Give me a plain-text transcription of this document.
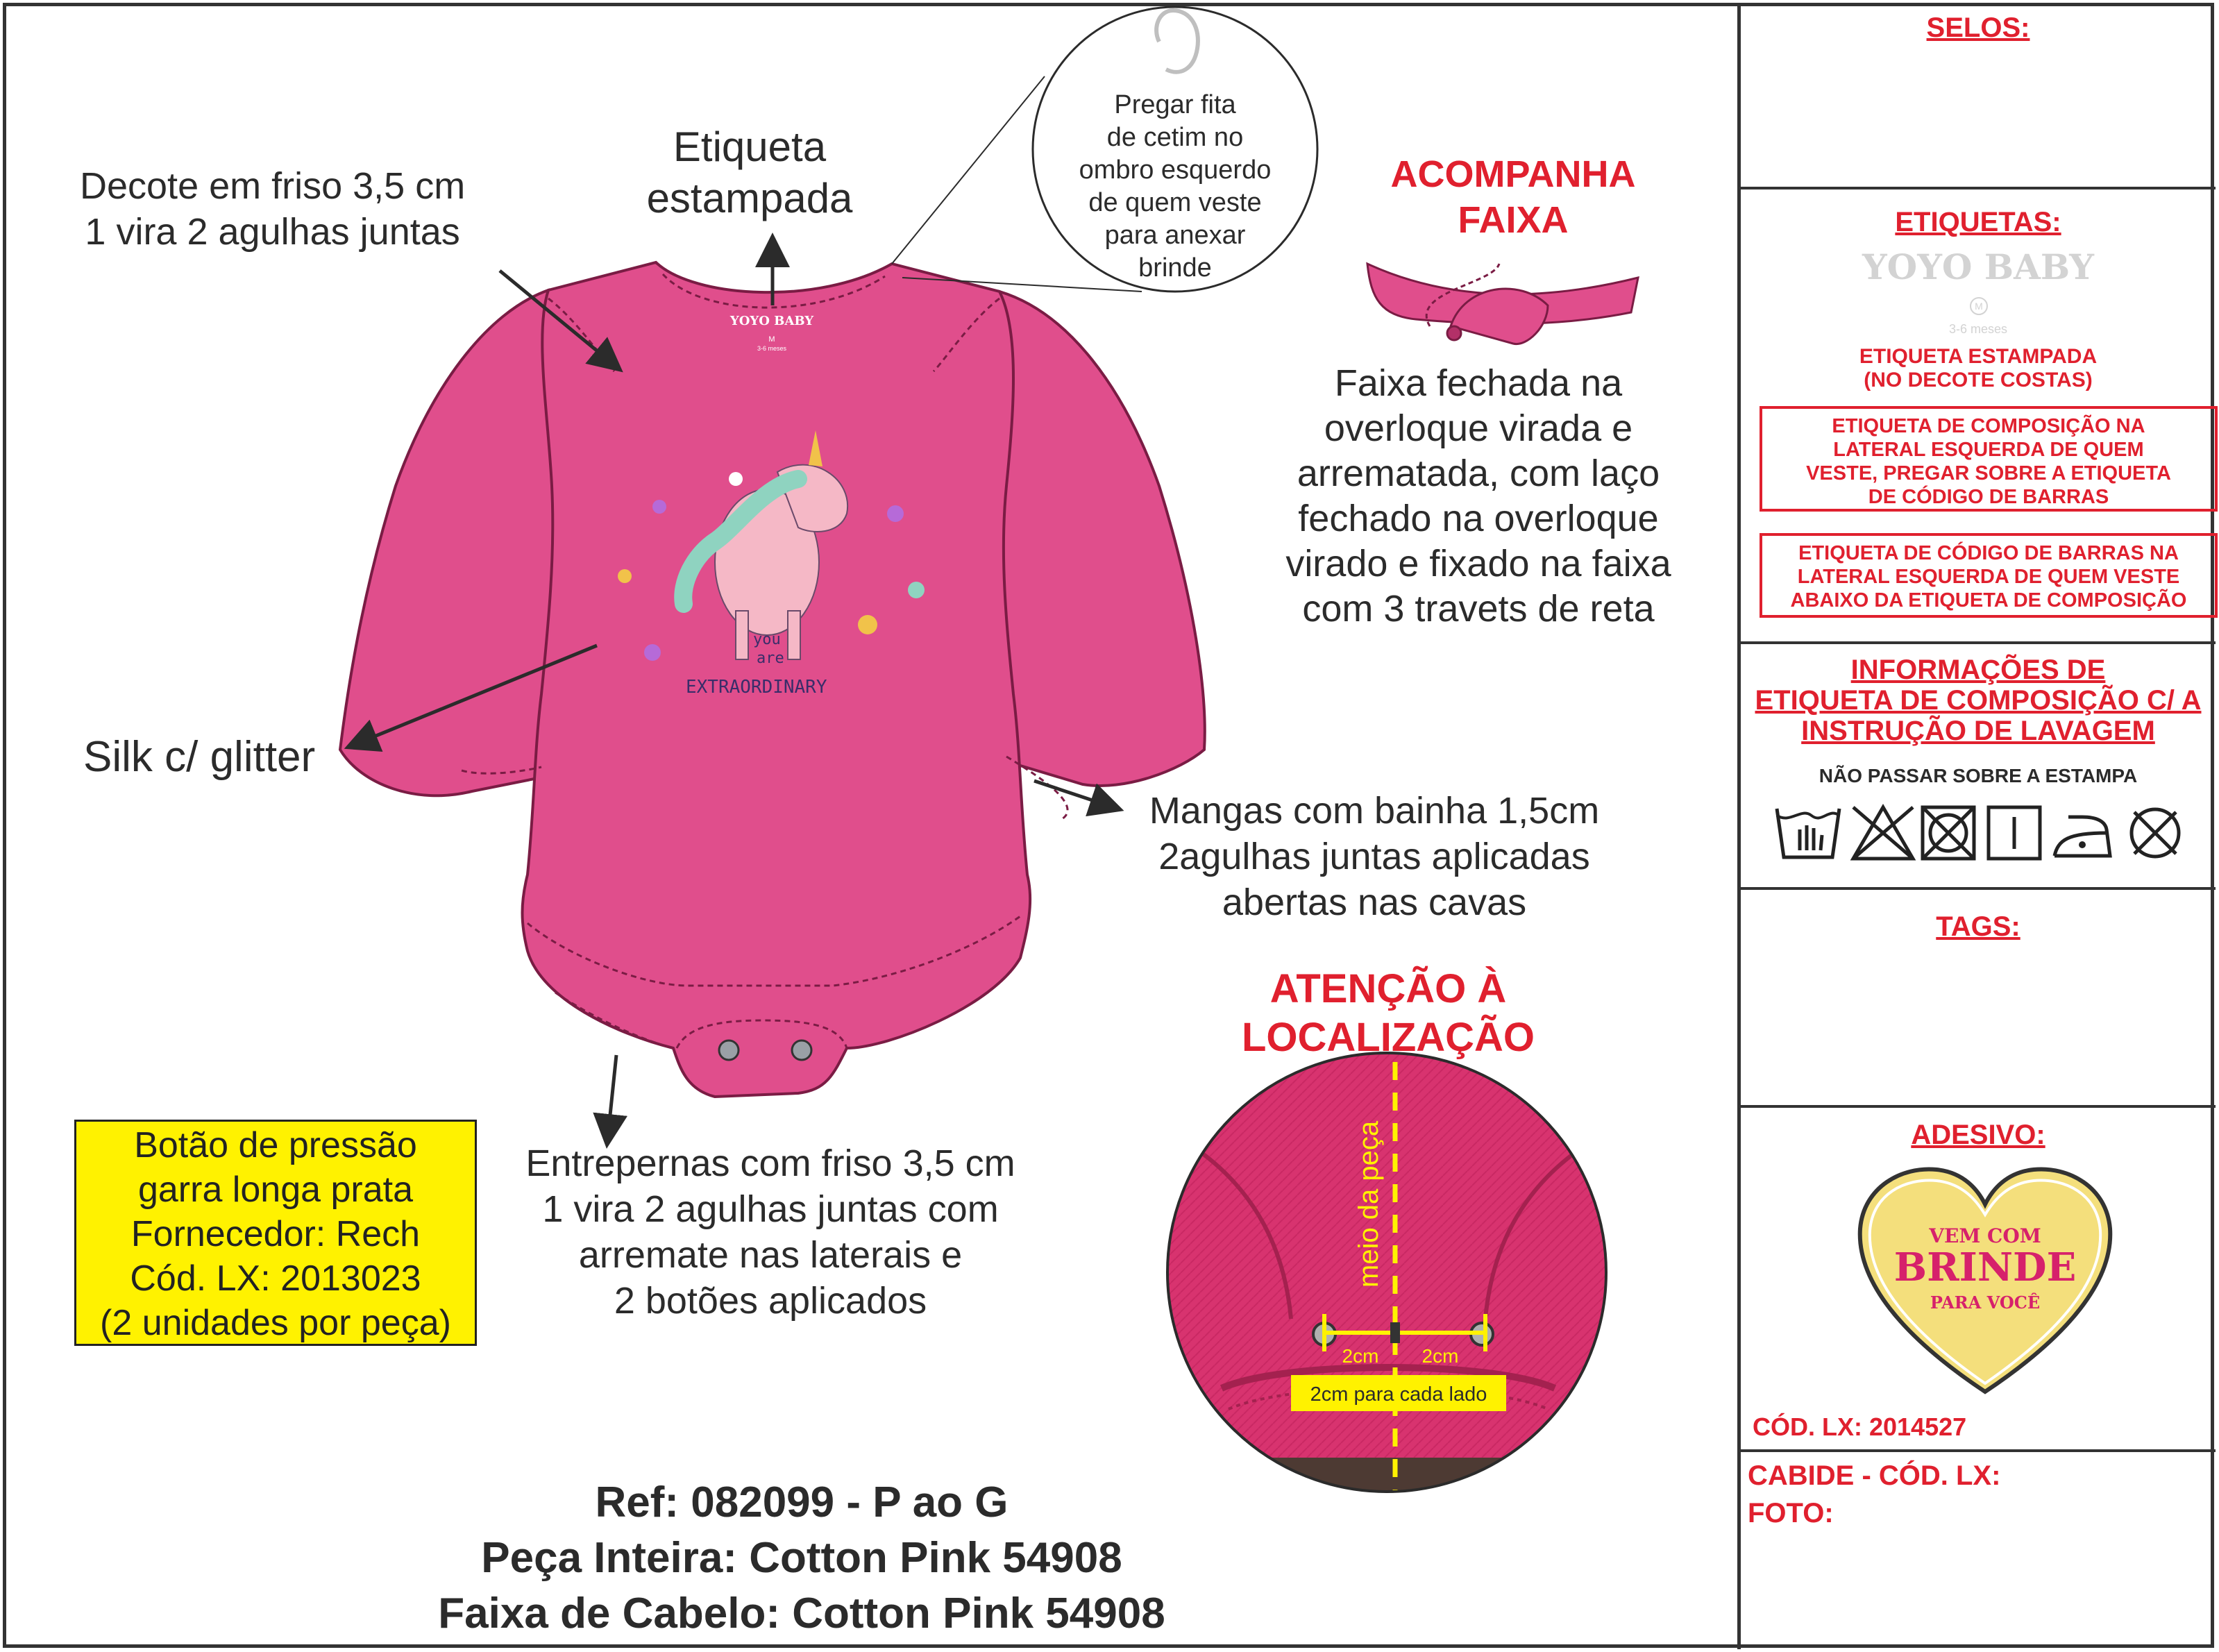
you
are
EXTRAORDINARY
YOYO BABY
M
3-6 meses
2cm para cada lado
2cm 2cm
meio da peça
Decote em friso 3,5 cm
1 vira 2 agulhas juntas
Etiqueta
estampada
Pregar fita
de cetim no
ombro esquerdo
de quem veste
para anexar
brinde
ACOMPANHA
FAIXA
Faixa fechada na
overloque virada e
arrematada, com laço
fechado na overloque
virado e fixado na faixa
com 3 travets de reta
Silk c/ glitter
Mangas com bainha 1,5cm
2agulhas juntas aplicadas
abertas nas cavas
ATENÇÃO À
LOCALIZAÇÃO
Entrepernas com friso 3,5 cm
1 vira 2 agulhas juntas com
arremate nas laterais e
2 botões aplicados
Botão de pressão
garra longa prata
Fornecedor: Rech
Cód. LX: 2013023
(2 unidades por peça)
Ref: 082099 - P ao G
Peça Inteira: Cotton Pink 54908
Faixa de Cabelo: Cotton Pink 54908
SELOS:
ETIQUETAS:
YOYO BABY
M
3-6 meses
ETIQUETA ESTAMPADA
(NO DECOTE COSTAS)
ETIQUETA DE COMPOSIÇÃO NA
LATERAL ESQUERDA DE QUEM
VESTE, PREGAR SOBRE A ETIQUETA
DE CÓDIGO DE BARRAS
ETIQUETA DE CÓDIGO DE BARRAS NA
LATERAL ESQUERDA DE QUEM VESTE
ABAIXO DA ETIQUETA DE COMPOSIÇÃO
INFORMAÇÕES DE
ETIQUETA DE COMPOSIÇÃO C/ A
INSTRUÇÃO DE LAVAGEM
NÃO PASSAR SOBRE A ESTAMPA
TAGS:
ADESIVO:
VEM COM
BRINDE
PARA VOCÊ
CÓD. LX: 2014527
CABIDE - CÓD. LX:
FOTO:
